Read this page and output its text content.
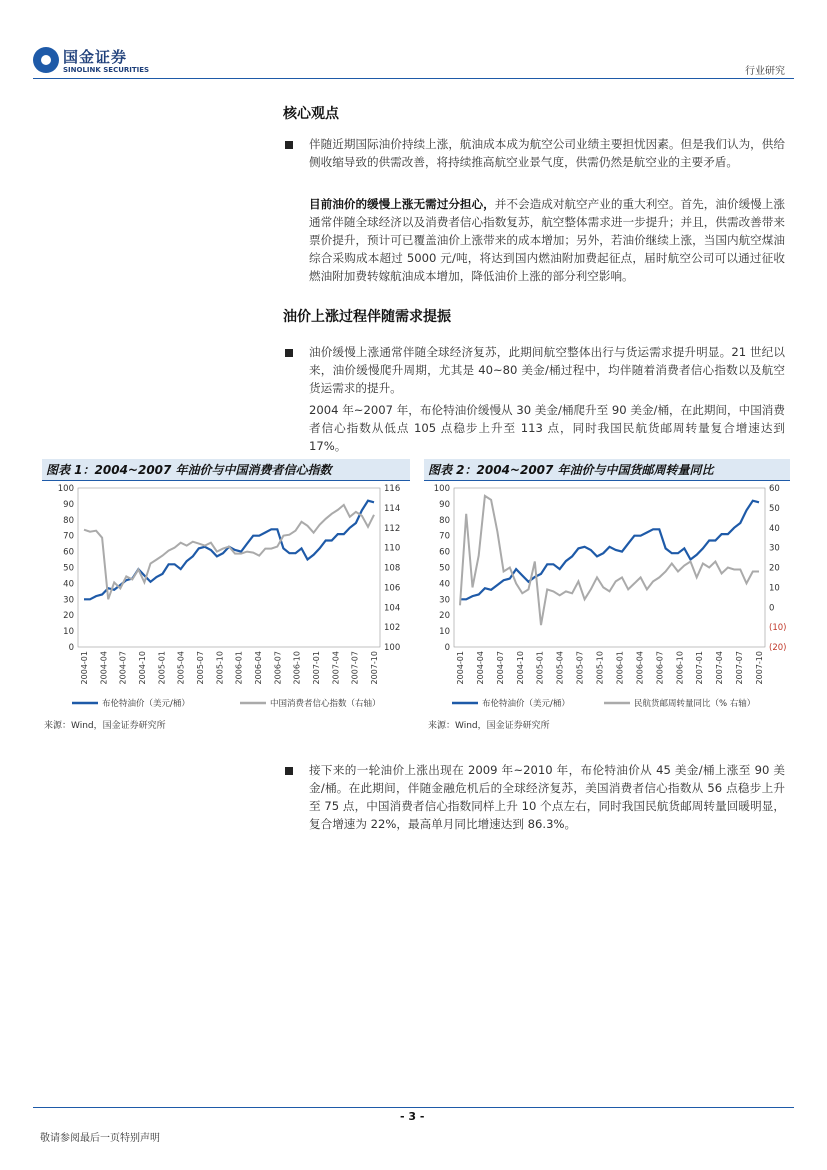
国金证券
SINOLINK SECURITIES	行业研究
核心观点
伴随近期国际油价持续上涨，航油成本成为航空公司业绩主要担忧因素。但是我们认为，供给侧收缩导致的供需改善，将持续推高航空业景气度，供需仍然是航空业的主要矛盾。
目前油价的缓慢上涨无需过分担心，并不会造成对航空产业的重大利空。首先，油价缓慢上涨通常伴随全球经济以及消费者信心指数复苏，航空整体需求进一步提升；并且，供需改善带来票价提升，预计可已覆盖油价上涨带来的成本增加；另外，若油价继续上涨，当国内航空煤油综合采购成本超过 5000 元/吨，将达到国内燃油附加费起征点，届时航空公司可以通过征收燃油附加费转嫁航油成本增加，降低油价上涨的部分利空影响。
油价上涨过程伴随需求提振
油价缓慢上涨通常伴随全球经济复苏，此期间航空整体出行与货运需求提升明显。21 世纪以来，油价缓慢爬升周期，尤其是 40~80 美金/桶过程中，均伴随着消费者信心指数以及航空货运需求的提升。
2004 年~2007 年，布伦特油价缓慢从 30 美金/桶爬升至 90 美金/桶，在此期间，中国消费者信心指数从低点 105 点稳步上升至 113 点，同时我国民航货邮周转量复合增速达到 17%。
图表 1：2004~2007 年油价与中国消费者信心指数	图表 2：2004~2007 年油价与中国货邮周转量同比
100
90
80
70
60
50
40
30
20
10
0
116
114
112
110
108
106
104
102
100
2004-01 2004-04 2004-07 2004-10 2005-01 2005-04 2005-07 2005-10 2006-01 2006-04 2006-07 2006-10 2007-01 2007-04 2007-07 2007-10
布伦特油价（美元/桶）	中国消费者信心指数（右轴）
100
90
80
70
60
50
40
30
20
10
0
60
50
40
30
20
10
0
(10)
(20)
2004-01 2004-04 2004-07 2004-10 2005-01 2005-04 2005-07 2005-10 2006-01 2006-04 2006-07 2006-10 2007-01 2007-04 2007-07 2007-10
布伦特油价（美元/桶）	民航货邮周转量同比（% 右轴）
来源：Wind，国金证券研究所	来源：Wind，国金证券研究所
接下来的一轮油价上涨出现在 2009 年~2010 年，布伦特油价从 45 美金/桶上涨至 90 美金/桶。在此期间，伴随金融危机后的全球经济复苏，美国消费者信心指数从 56 点稳步上升至 75 点，中国消费者信心指数同样上升 10 个点左右，同时我国民航货邮周转量回暖明显，复合增速为 22%，最高单月同比增速达到 86.3%。
- 3 -
敬请参阅最后一页特别声明
